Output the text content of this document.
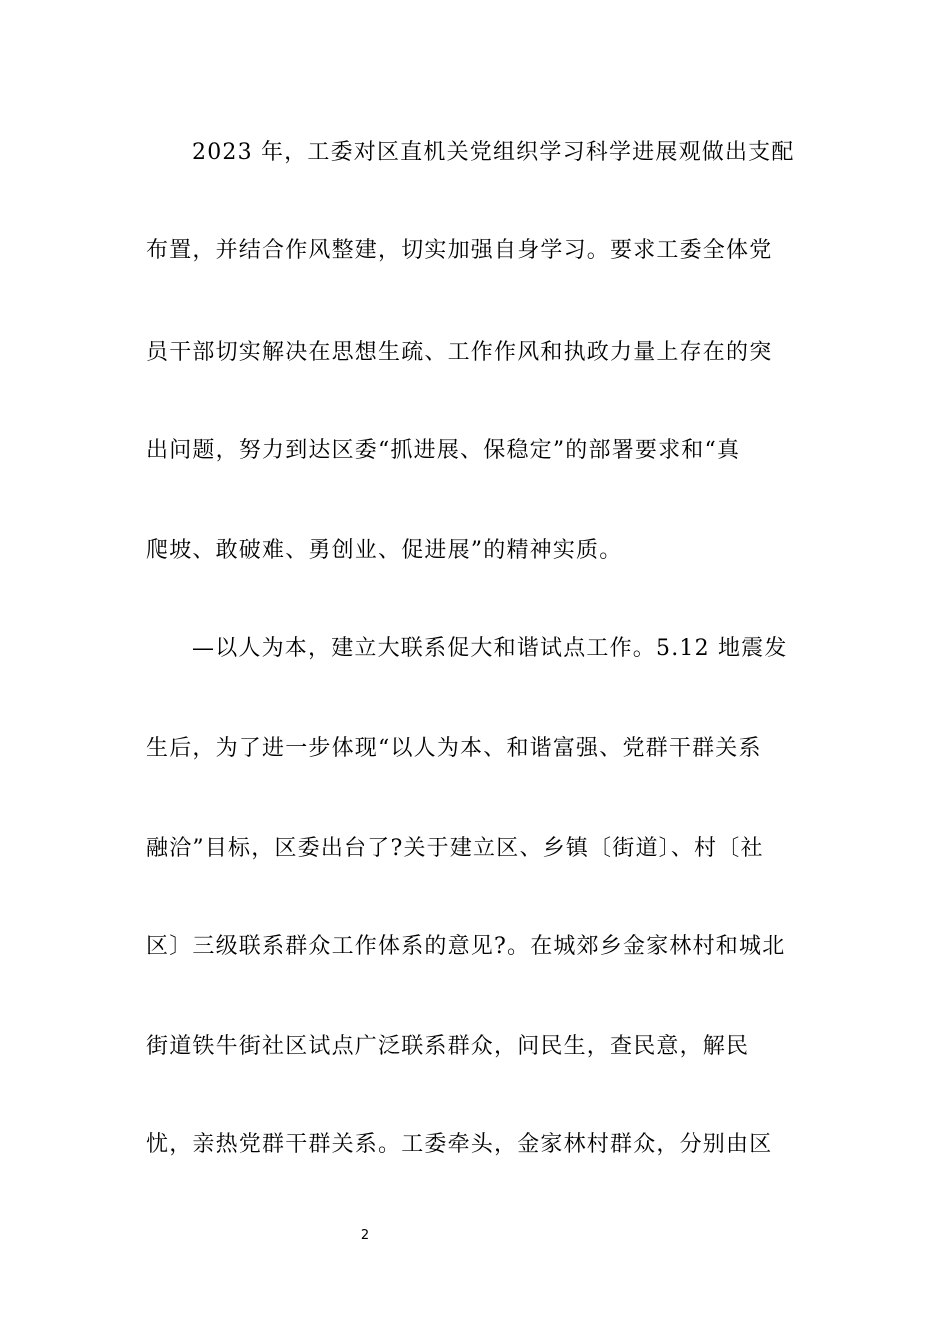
2023 年，工委对区直机关党组织学习科学进展观做出支配
布置，并结合作风整建，切实加强自身学习。要求工委全体党
员干部切实解决在思想生疏、工作作风和执政力量上存在的突
出问题，努力到达区委“抓进展、保稳定”的部署要求和“真
爬坡、敢破难、勇创业、促进展”的精神实质。
—以人为本，建立大联系促大和谐试点工作。5.12 地震发
生后，为了进一步体现“以人为本、和谐富强、党群干群关系
融洽”目标，区委出台了?关于建立区、乡镇〔街道〕、村〔社
区〕三级联系群众工作体系的意见?。在城郊乡金家林村和城北
街道铁牛街社区试点广泛联系群众，问民生，查民意，解民
忧，亲热党群干群关系。工委牵头，金家林村群众，分别由区
2
